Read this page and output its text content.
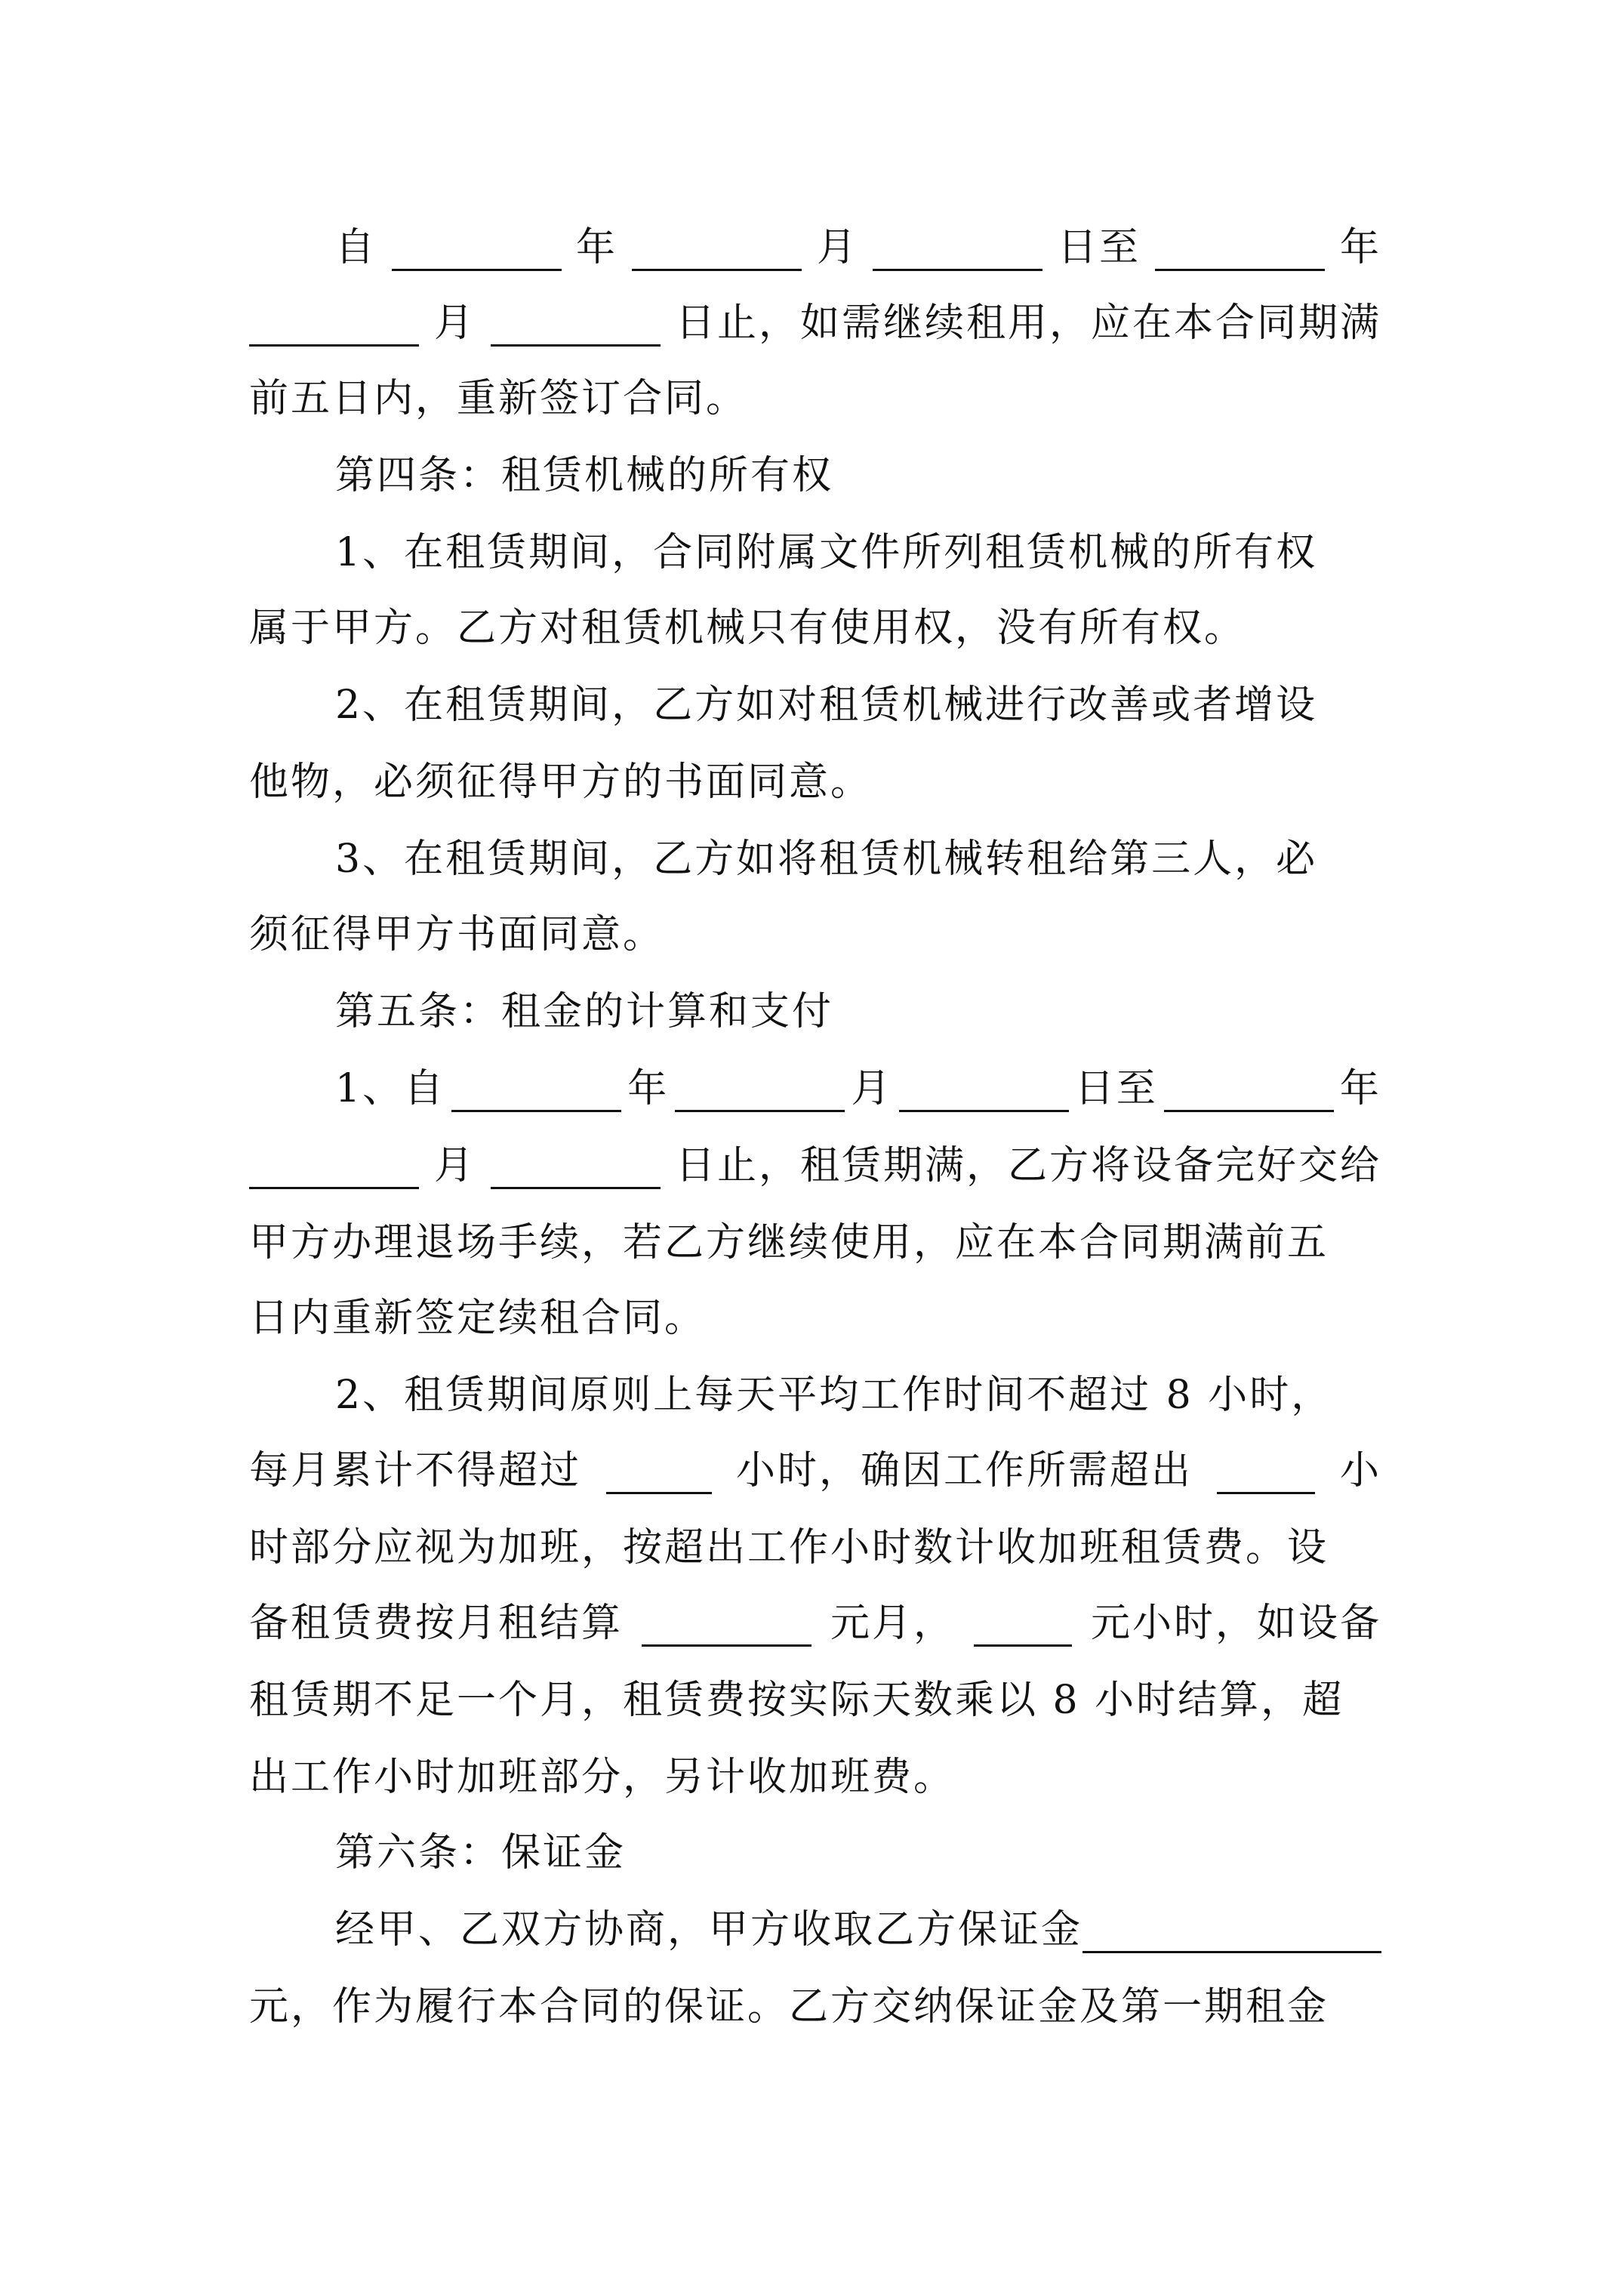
自	年	月	日至	年
月	日止，如需继续租用，应在本合同期满
前五日内，重新签订合同。
第四条：租赁机械的所有权
1、在租赁期间，合同附属文件所列租赁机械的所有权
属于甲方。乙方对租赁机械只有使用权，没有所有权。
2、在租赁期间，乙方如对租赁机械进行改善或者增设
他物，必须征得甲方的书面同意。
3、在租赁期间，乙方如将租赁机械转租给第三人，必
须征得甲方书面同意。
第五条：租金的计算和支付
1、自	年	月	日至	年
月	日止，租赁期满，乙方将设备完好交给
甲方办理退场手续，若乙方继续使用，应在本合同期满前五
日内重新签定续租合同。
2、租赁期间原则上每天平均工作时间不超过 8 小时，
每月累计不得超过	小时，确因工作所需超出	小
时部分应视为加班，按超出工作小时数计收加班租赁费。设
备租赁费按月租结算	元月，	元小时，如设备
租赁期不足一个月，租赁费按实际天数乘以 8 小时结算，超
出工作小时加班部分，另计收加班费。
第六条：保证金
经甲、乙双方协商，甲方收取乙方保证金
元，作为履行本合同的保证。乙方交纳保证金及第一期租金
